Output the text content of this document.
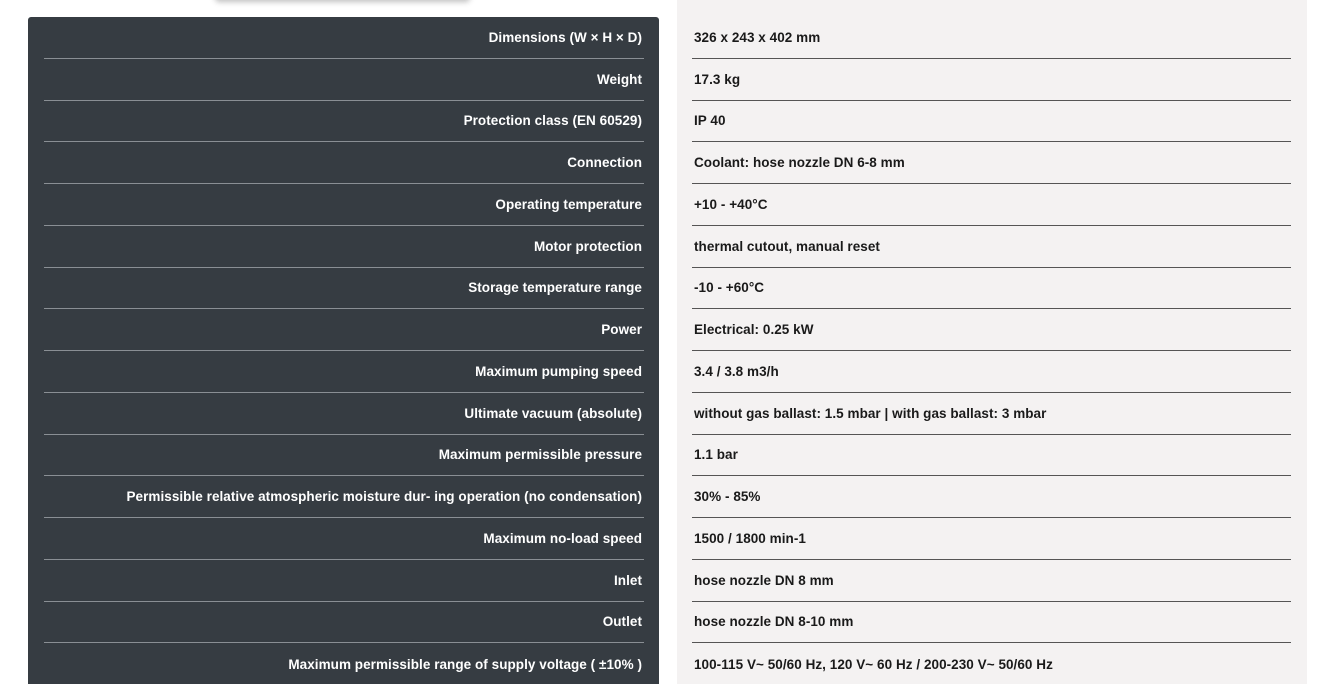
Dimensions (W × H × D)
Weight
Protection class (EN 60529)
Connection
Operating temperature
Motor protection
Storage temperature range
Power
Maximum pumping speed
Ultimate vacuum (absolute)
Maximum permissible pressure
Permissible relative atmospheric moisture dur- ing operation (no condensation)
Maximum no-load speed
Inlet
Outlet
Maximum permissible range of supply voltage ( ±10% )
326 x 243 x 402 mm
17.3 kg
IP 40
Coolant: hose nozzle DN 6-8 mm
+10 - +40°C
thermal cutout, manual reset
-10 - +60°C
Electrical: 0.25 kW
3.4 / 3.8 m3/h
without gas ballast: 1.5 mbar | with gas ballast: 3 mbar
1.1 bar
30% - 85%
1500 / 1800 min-1
hose nozzle DN 8 mm
hose nozzle DN 8-10 mm
100-115 V~ 50/60 Hz, 120 V~ 60 Hz / 200-230 V~ 50/60 Hz
